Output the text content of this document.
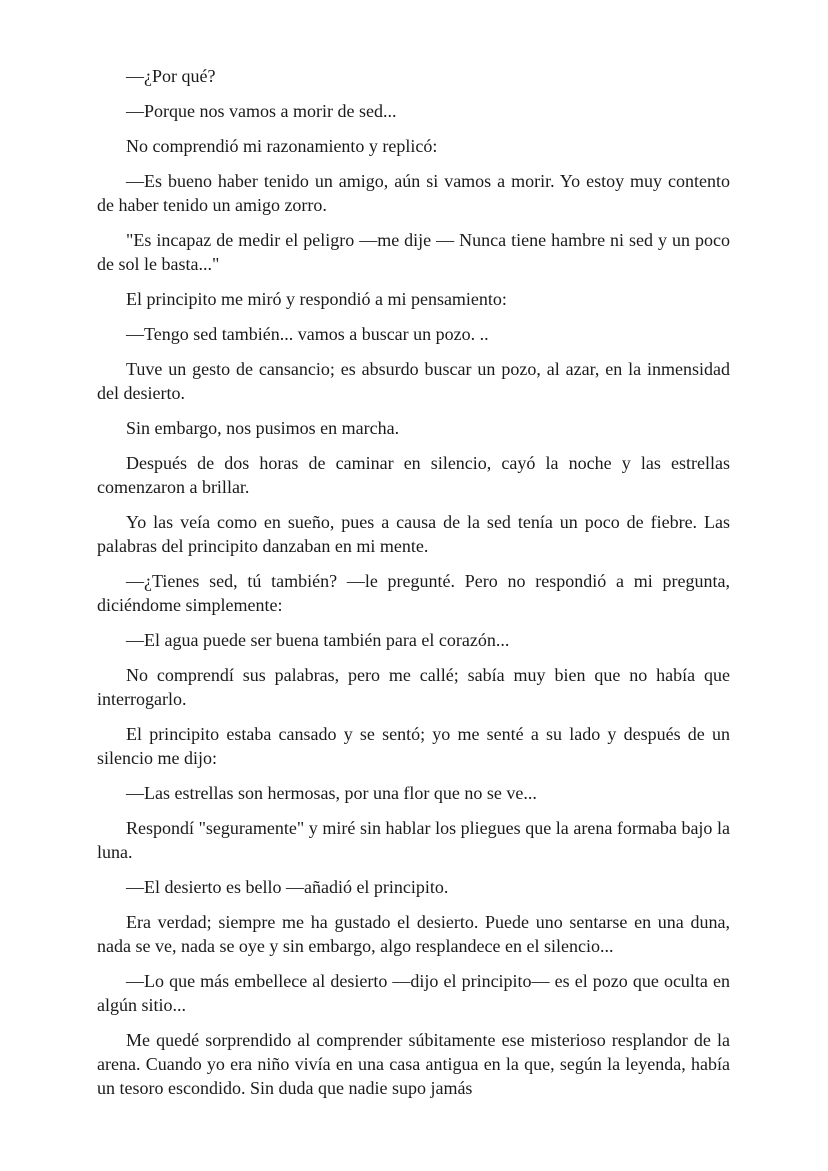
—¿Por qué?

—Porque nos vamos a morir de sed...

No comprendió mi razonamiento y replicó:

—Es bueno haber tenido un amigo, aún si vamos a morir. Yo estoy muy contento de haber tenido un amigo zorro.

"Es incapaz de medir el peligro —me dije — Nunca tiene hambre ni sed y un poco de sol le basta..."

El principito me miró y respondió a mi pensamiento:

—Tengo sed también... vamos a buscar un pozo. ..

Tuve un gesto de cansancio; es absurdo buscar un pozo, al azar, en la inmensidad del desierto.

Sin embargo, nos pusimos en marcha.

Después de dos horas de caminar en silencio, cayó la noche y las estrellas comenzaron a brillar.

Yo las veía como en sueño, pues a causa de la sed tenía un poco de fiebre. Las palabras del principito danzaban en mi mente.

—¿Tienes sed, tú también? —le pregunté. Pero no respondió a mi pregunta, diciéndome simplemente:

—El agua puede ser buena también para el corazón...

No comprendí sus palabras, pero me callé; sabía muy bien que no había que interrogarlo.

El principito estaba cansado y se sentó; yo me senté a su lado y después de un silencio me dijo:

—Las estrellas son hermosas, por una flor que no se ve...

Respondí "seguramente" y miré sin hablar los pliegues que la arena formaba bajo la luna.

—El desierto es bello —añadió el principito.

Era verdad; siempre me ha gustado el desierto. Puede uno sentarse en una duna, nada se ve, nada se oye y sin embargo, algo resplandece en el silencio...

—Lo que más embellece al desierto —dijo el principito— es el pozo que oculta en algún sitio...

Me quedé sorprendido al comprender súbitamente ese misterioso resplandor de la arena. Cuando yo era niño vivía en una casa antigua en la que, según la leyenda, había un tesoro escondido. Sin duda que nadie supo jamás
